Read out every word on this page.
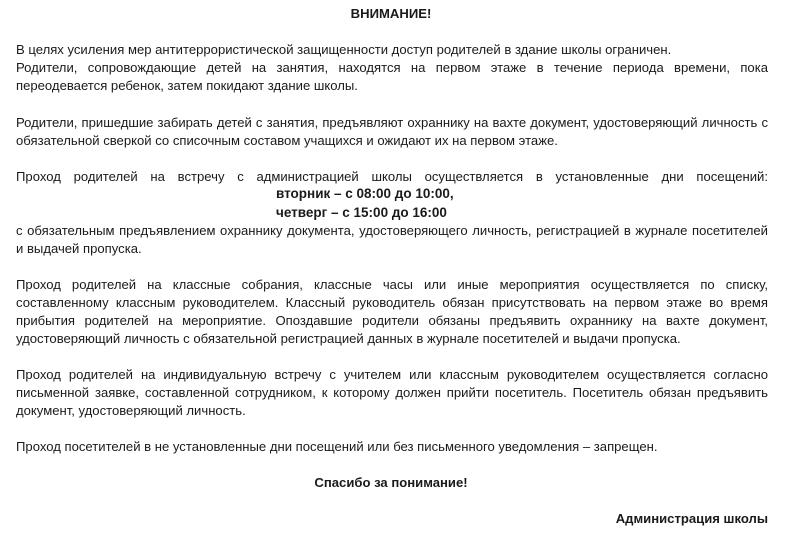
ВНИМАНИЕ!
В целях усиления мер антитеррористической защищенности доступ родителей в здание школы ограничен.
Родители, сопровождающие детей на занятия, находятся на первом этаже в течение периода времени, пока переодевается ребенок, затем покидают здание школы.
Родители, пришедшие забирать детей с занятия, предъявляют охраннику на вахте документ, удостоверяющий личность с обязательной сверкой со списочным составом учащихся и ожидают их на первом этаже.
Проход родителей на встречу с администрацией школы осуществляется в установленные дни посещений:
вторник – с 08:00 до 10:00,
четверг – с 15:00 до 16:00
с обязательным предъявлением охраннику документа, удостоверяющего личность, регистрацией в журнале посетителей и выдачей пропуска.
Проход родителей на классные собрания, классные часы или иные мероприятия осуществляется по списку, составленному классным руководителем. Классный руководитель обязан присутствовать на первом этаже во время прибытия родителей на мероприятие. Опоздавшие родители обязаны предъявить охраннику на вахте документ, удостоверяющий личность с обязательной регистрацией данных в журнале посетителей и выдачи пропуска.
Проход родителей на индивидуальную встречу с учителем или классным руководителем осуществляется согласно письменной заявке, составленной сотрудником, к которому должен прийти посетитель. Посетитель обязан предъявить документ, удостоверяющий личность.
Проход посетителей в не установленные дни посещений или без письменного уведомления – запрещен.
Спасибо за понимание!
Администрация школы
